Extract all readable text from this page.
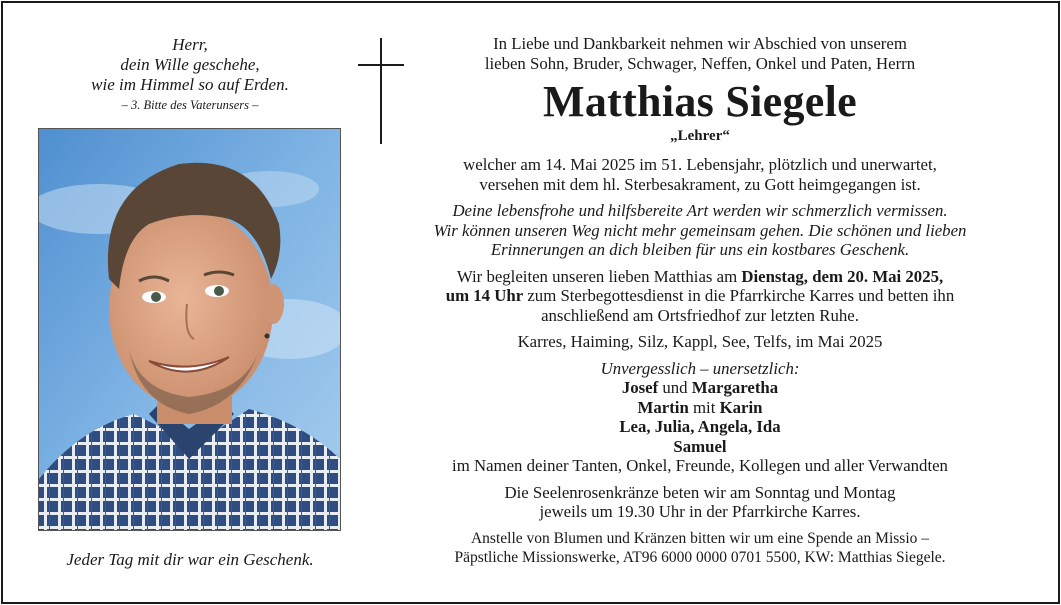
Herr,
dein Wille geschehe,
wie im Himmel so auf Erden.
– 3. Bitte des Vaterunsers –
Jeder Tag mit dir war ein Geschenk.

In Liebe und Dankbarkeit nehmen wir Abschied von unserem

lieben Sohn, Bruder, Schwager, Neffen, Onkel und Paten, Herrn

Matthias Siegele

„Lehrer“

welcher am 14. Mai 2025 im 51. Lebensjahr, plötzlich und unerwartet,

versehen mit dem hl. Sterbesakrament, zu Gott heimgegangen ist.

Deine lebensfrohe und hilfsbereite Art werden wir schmerzlich vermissen.

Wir können unseren Weg nicht mehr gemeinsam gehen. Die schönen und lieben

Erinnerungen an dich bleiben für uns ein kostbares Geschenk.

Wir begleiten unseren lieben Matthias am Dienstag, dem 20. Mai 2025,

um 14 Uhr zum Sterbegottesdienst in die Pfarrkirche Karres und betten ihn

anschließend am Ortsfriedhof zur letzten Ruhe.

Karres, Haiming, Silz, Kappl, See, Telfs, im Mai 2025

Unvergesslich – unersetzlich:

Josef und Margaretha

Martin mit Karin

Lea, Julia, Angela, Ida

Samuel

im Namen deiner Tanten, Onkel, Freunde, Kollegen und aller Verwandten

Die Seelenrosenkränze beten wir am Sonntag und Montag

jeweils um 19.30 Uhr in der Pfarrkirche Karres.

Anstelle von Blumen und Kränzen bitten wir um eine Spende an Missio –

Päpstliche Missionswerke, AT96 6000 0000 0701 5500, KW: Matthias Siegele.
